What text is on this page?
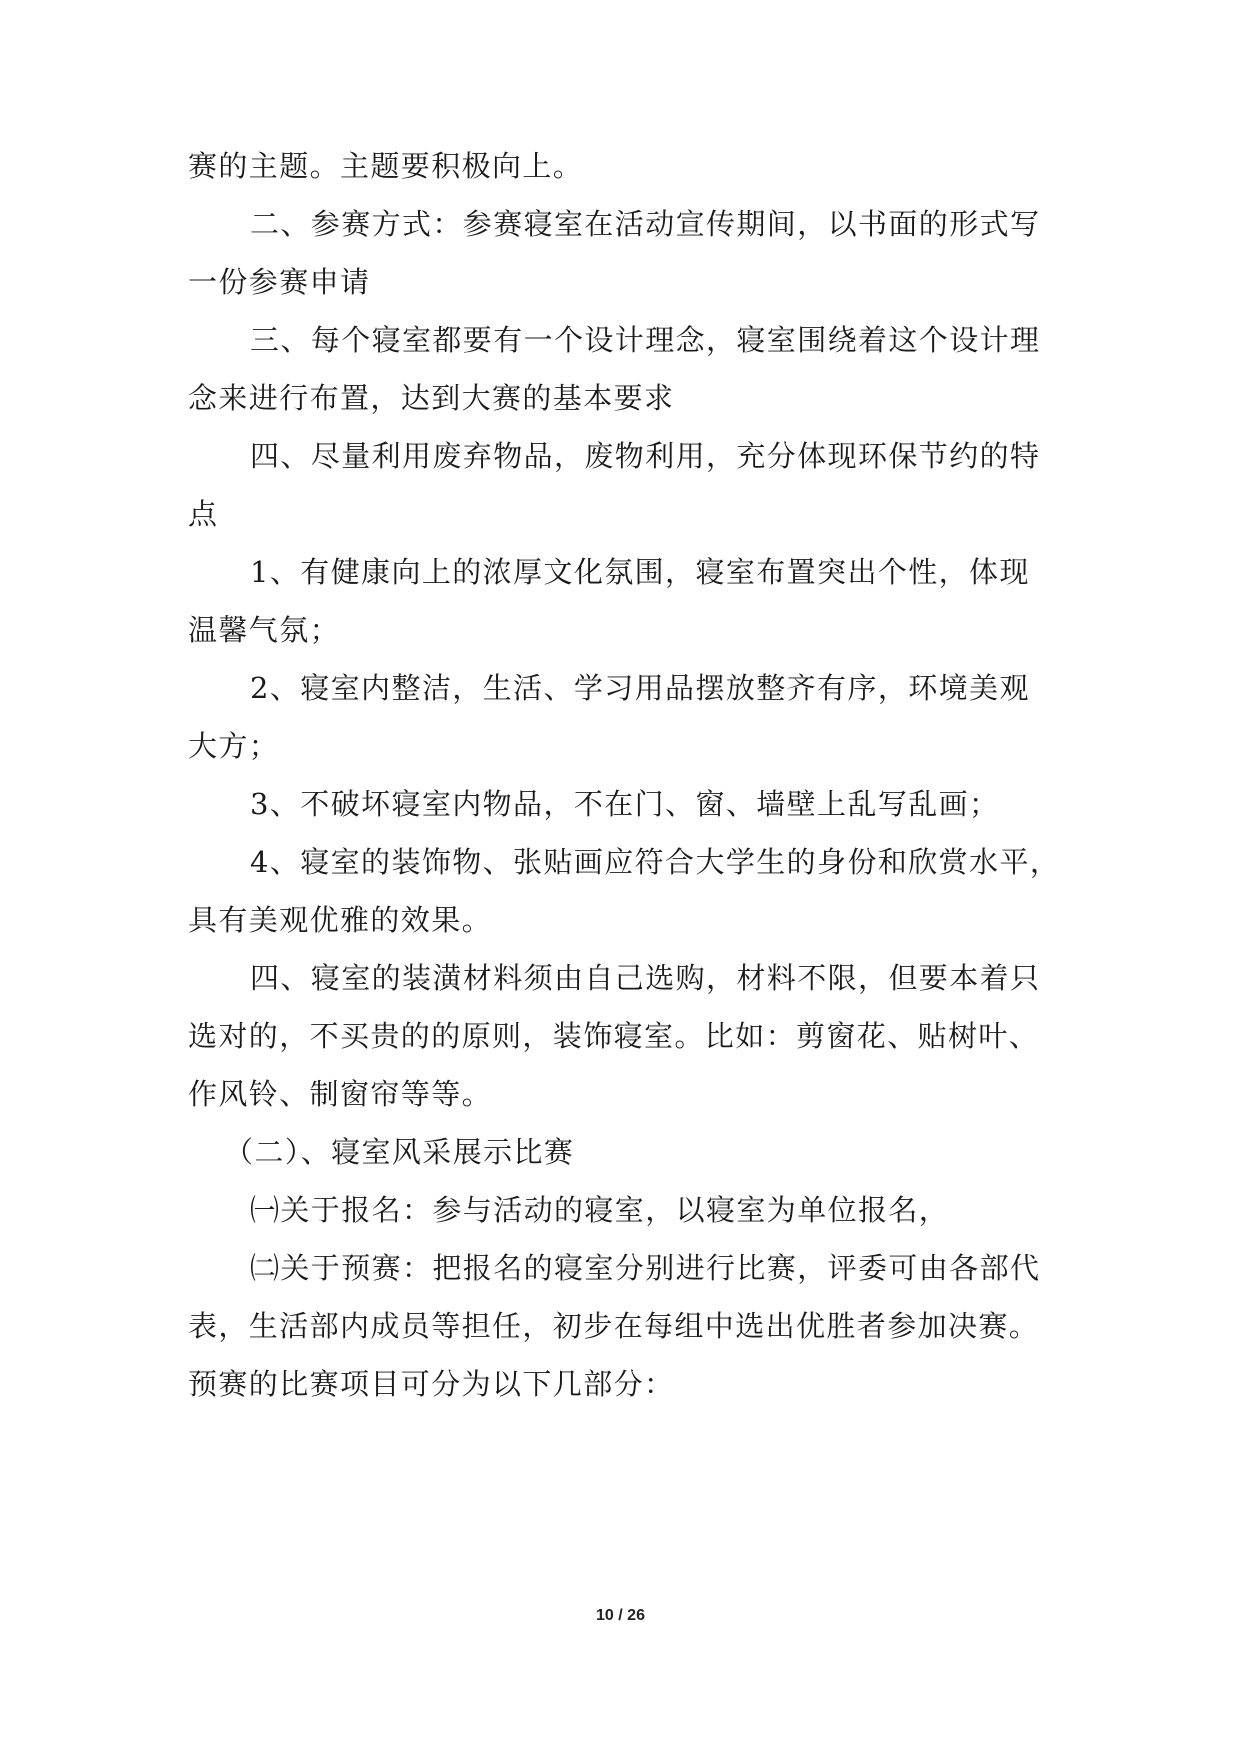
赛的主题。主题要积极向上。
二、参赛方式：参赛寝室在活动宣传期间，以书面的形式写
一份参赛申请
三、每个寝室都要有一个设计理念，寝室围绕着这个设计理
念来进行布置，达到大赛的基本要求
四、尽量利用废弃物品，废物利用，充分体现环保节约的特
点
1、有健康向上的浓厚文化氛围，寝室布置突出个性，体现
温馨气氛；
2、寝室内整洁，生活、学习用品摆放整齐有序，环境美观
大方；
3、不破坏寝室内物品，不在门、窗、墙壁上乱写乱画；
4、寝室的装饰物、张贴画应符合大学生的身份和欣赏水平，
具有美观优雅的效果。
四、寝室的装潢材料须由自己选购，材料不限，但要本着只
选对的，不买贵的的原则，装饰寝室。比如：剪窗花、贴树叶、
作风铃、制窗帘等等。
（二）、寝室风采展示比赛
㈠关于报名：参与活动的寝室，以寝室为单位报名，
㈡关于预赛：把报名的寝室分别进行比赛，评委可由各部代
表，生活部内成员等担任，初步在每组中选出优胜者参加决赛。
预赛的比赛项目可分为以下几部分：
10 / 26
